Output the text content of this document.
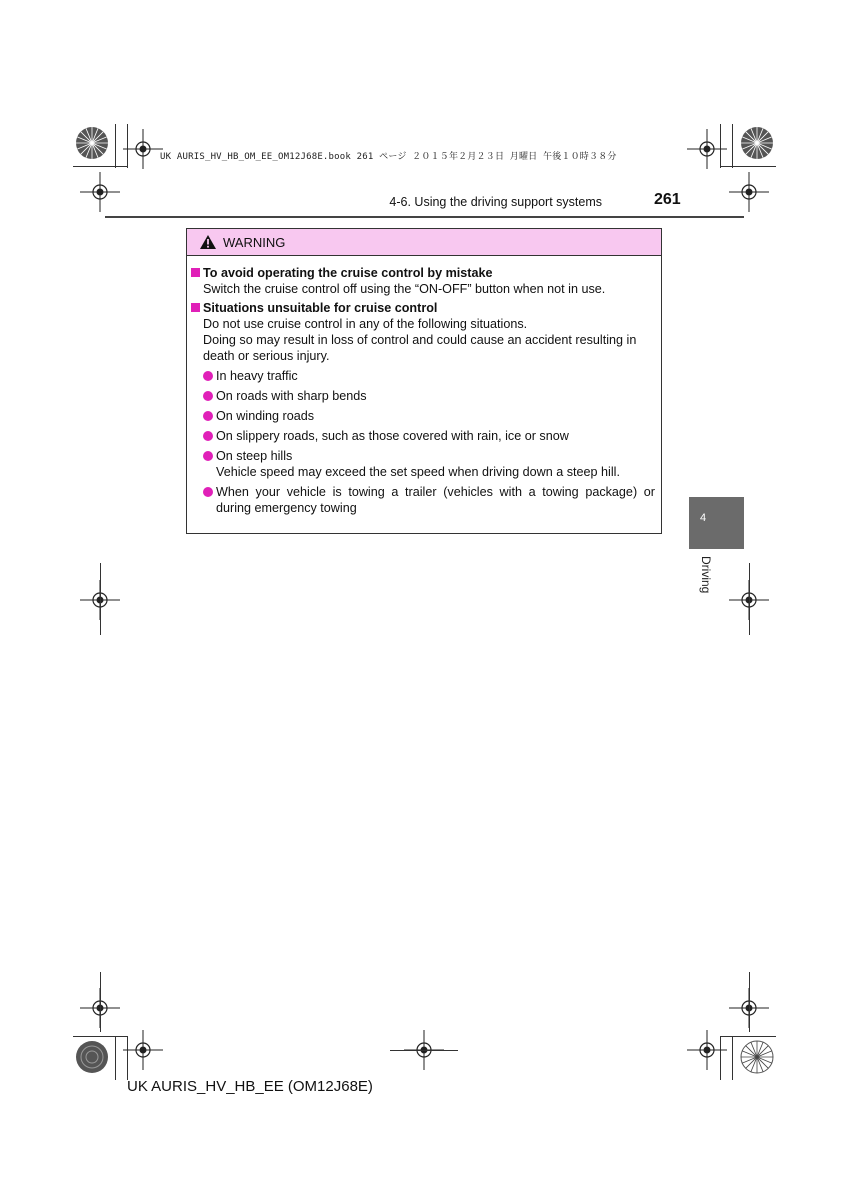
UK AURIS_HV_HB_OM_EE_OM12J68E.book 261 ページ ２０１５年２月２３日 月曜日 午後１０時３８分
4-6. Using the driving support systems	261
WARNING
To avoid operating the cruise control by mistake
Switch the cruise control off using the “ON-OFF” button when not in use.
Situations unsuitable for cruise control
Do not use cruise control in any of the following situations.
Doing so may result in loss of control and could cause an accident resulting in death or serious injury.
In heavy traffic
On roads with sharp bends
On winding roads
On slippery roads, such as those covered with rain, ice or snow
On steep hills
Vehicle speed may exceed the set speed when driving down a steep hill.
When your vehicle is towing a trailer (vehicles with a towing package) or during emergency towing
4
Driving
UK AURIS_HV_HB_EE (OM12J68E)
